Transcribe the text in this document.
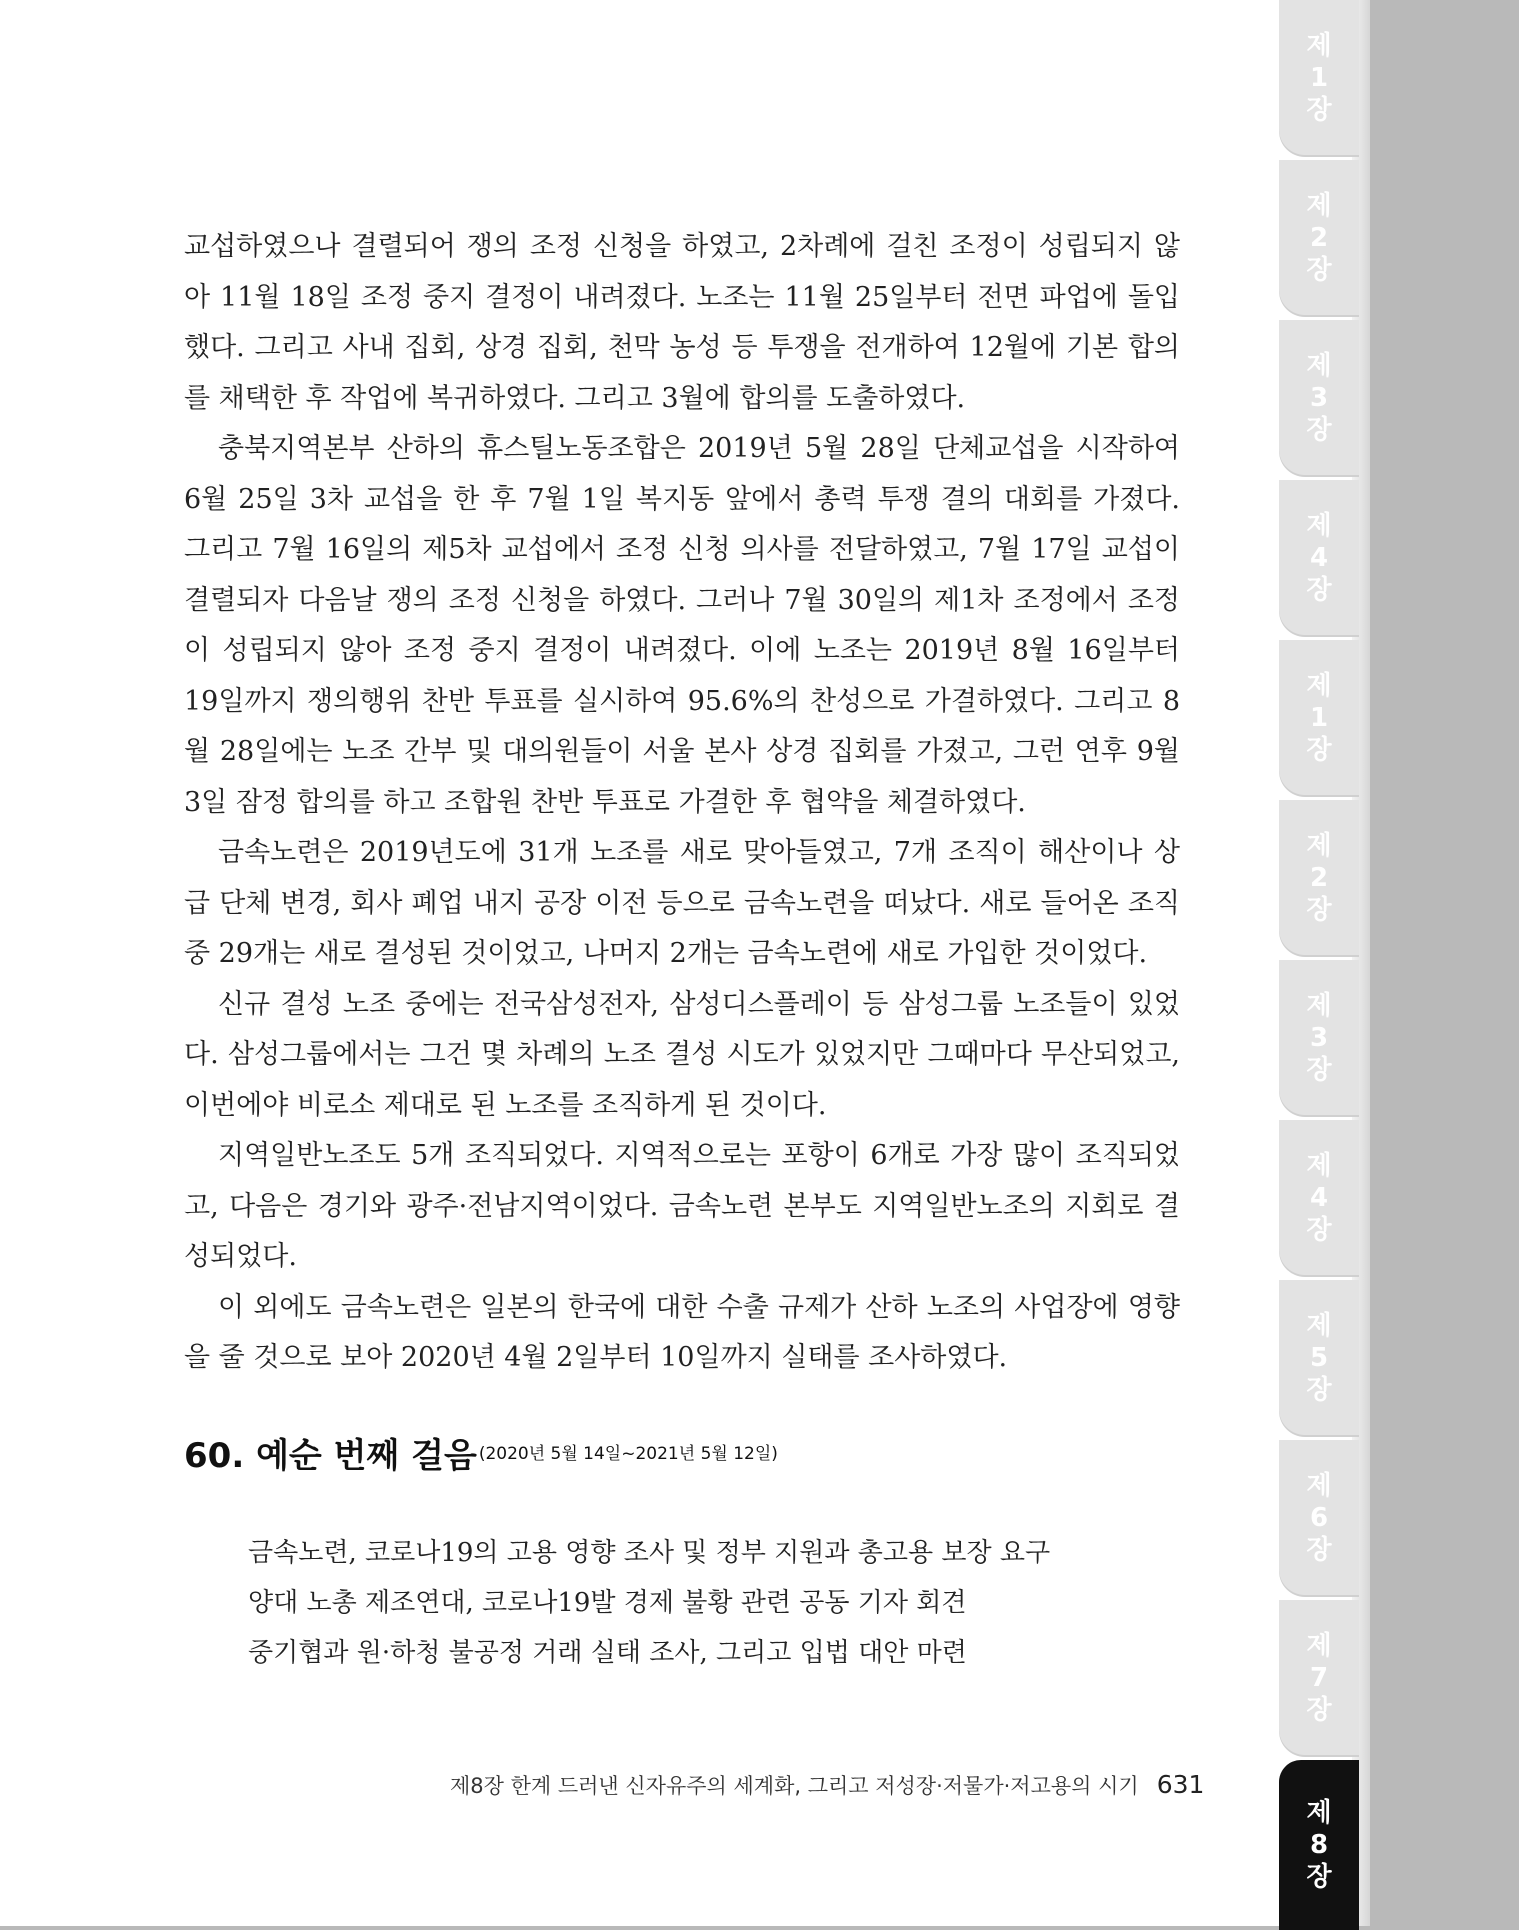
제
1
장
제
2
장
제
3
장
제
4
장
제
1
장
제
2
장
제
3
장
제
4
장
제
5
장
제
6
장
제
7
장
제
8
장

교섭하였으나 결렬되어 쟁의 조정 신청을 하였고, 2차례에 걸친 조정이 성립되지 않아 11월 18일 조정 중지 결정이 내려졌다. 노조는 11월 25일부터 전면 파업에 돌입했다. 그리고 사내 집회, 상경 집회, 천막 농성 등 투쟁을 전개하여 12월에 기본 합의를 채택한 후 작업에 복귀하였다. 그리고 3월에 합의를 도출하였다.

충북지역본부 산하의 휴스틸노동조합은 2019년 5월 28일 단체교섭을 시작하여 6월 25일 3차 교섭을 한 후 7월 1일 복지동 앞에서 총력 투쟁 결의 대회를 가졌다. 그리고 7월 16일의 제5차 교섭에서 조정 신청 의사를 전달하였고, 7월 17일 교섭이 결렬되자 다음날 쟁의 조정 신청을 하였다. 그러나 7월 30일의 제1차 조정에서 조정이 성립되지 않아 조정 중지 결정이 내려졌다. 이에 노조는 2019년 8월 16일부터 19일까지 쟁의행위 찬반 투표를 실시하여 95.6%의 찬성으로 가결하였다. 그리고 8월 28일에는 노조 간부 및 대의원들이 서울 본사 상경 집회를 가졌고, 그런 연후 9월 3일 잠정 합의를 하고 조합원 찬반 투표로 가결한 후 협약을 체결하였다.

금속노련은 2019년도에 31개 노조를 새로 맞아들였고, 7개 조직이 해산이나 상급 단체 변경, 회사 폐업 내지 공장 이전 등으로 금속노련을 떠났다. 새로 들어온 조직 중 29개는 새로 결성된 것이었고, 나머지 2개는 금속노련에 새로 가입한 것이었다.

신규 결성 노조 중에는 전국삼성전자, 삼성디스플레이 등 삼성그룹 노조들이 있었다. 삼성그룹에서는 그건 몇 차례의 노조 결성 시도가 있었지만 그때마다 무산되었고, 이번에야 비로소 제대로 된 노조를 조직하게 된 것이다.

지역일반노조도 5개 조직되었다. 지역적으로는 포항이 6개로 가장 많이 조직되었고, 다음은 경기와 광주·전남지역이었다. 금속노련 본부도 지역일반노조의 지회로 결성되었다.

이 외에도 금속노련은 일본의 한국에 대한 수출 규제가 산하 노조의 사업장에 영향을 줄 것으로 보아 2020년 4월 2일부터 10일까지 실태를 조사하였다.

60. 예순 번째 걸음 $^{(2020년 5월 14일\sim 2021년 5월 12일)}$
금속노련, 코로나19의 고용 영향 조사 및 정부 지원과 총고용 보장 요구
양대 노총 제조연대, 코로나19발 경제 불황 관련 공동 기자 회견
중기협과 원·하청 불공정 거래 실태 조사, 그리고 입법 대안 마련
제8장 한계 드러낸 신자유주의 세계화, 그리고 저성장·저물가·저고용의 시기 631
